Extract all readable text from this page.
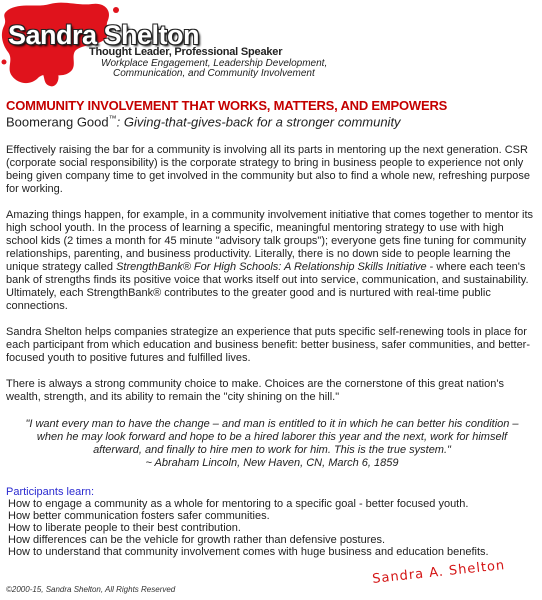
Sandra Shelton
Thought Leader, Professional Speaker
Workplace Engagement, Leadership Development,
Communication, and Community Involvement
COMMUNITY INVOLVEMENT THAT WORKS, MATTERS, AND EMPOWERS
Boomerang Good™: Giving-that-gives-back for a stronger community

Effectively raising the bar for a community is involving all its parts in mentoring up the next generation. CSR (corporate social responsibility) is the corporate strategy to bring in business people to experience not only being given company time to get involved in the community but also to find a whole new, refreshing purpose for working.

Amazing things happen, for example, in a community involvement initiative that comes together to mentor its high school youth. In the process of learning a specific, meaningful mentoring strategy to use with high school kids (2 times a month for 45 minute "advisory talk groups"); everyone gets fine tuning for community relationships, parenting, and business productivity. Literally, there is no down side to people learning the unique strategy called StrengthBank® For High Schools: A Relationship Skills Initiative - where each teen's bank of strengths finds its positive voice that works itself out into service, communication, and sustainability. Ultimately, each StrengthBank® contributes to the greater good and is nurtured with real-time public connections.

Sandra Shelton helps companies strategize an experience that puts specific self-renewing tools in place for each participant from which education and business benefit: better business, safer communities, and better-focused youth to positive futures and fulfilled lives.

There is always a strong community choice to make. Choices are the cornerstone of this great nation's wealth, strength, and its ability to remain the "city shining on the hill."

"I want every man to have the change – and man is entitled to it in which he can better his condition –
when he may look forward and hope to be a hired laborer this year and the next, work for himself
afterward, and finally to hire men to work for him. This is the true system."
~ Abraham Lincoln, New Haven, CN, March 6, 1859
Participants learn:
How to engage a community as a whole for mentoring to a specific goal - better focused youth.
How better communication fosters safer communities.
How to liberate people to their best contribution.
How differences can be the vehicle for growth rather than defensive postures.
How to understand that community involvement comes with huge business and education benefits.
Sandra A. Shelton
©2000-15, Sandra Shelton, All Rights Reserved
